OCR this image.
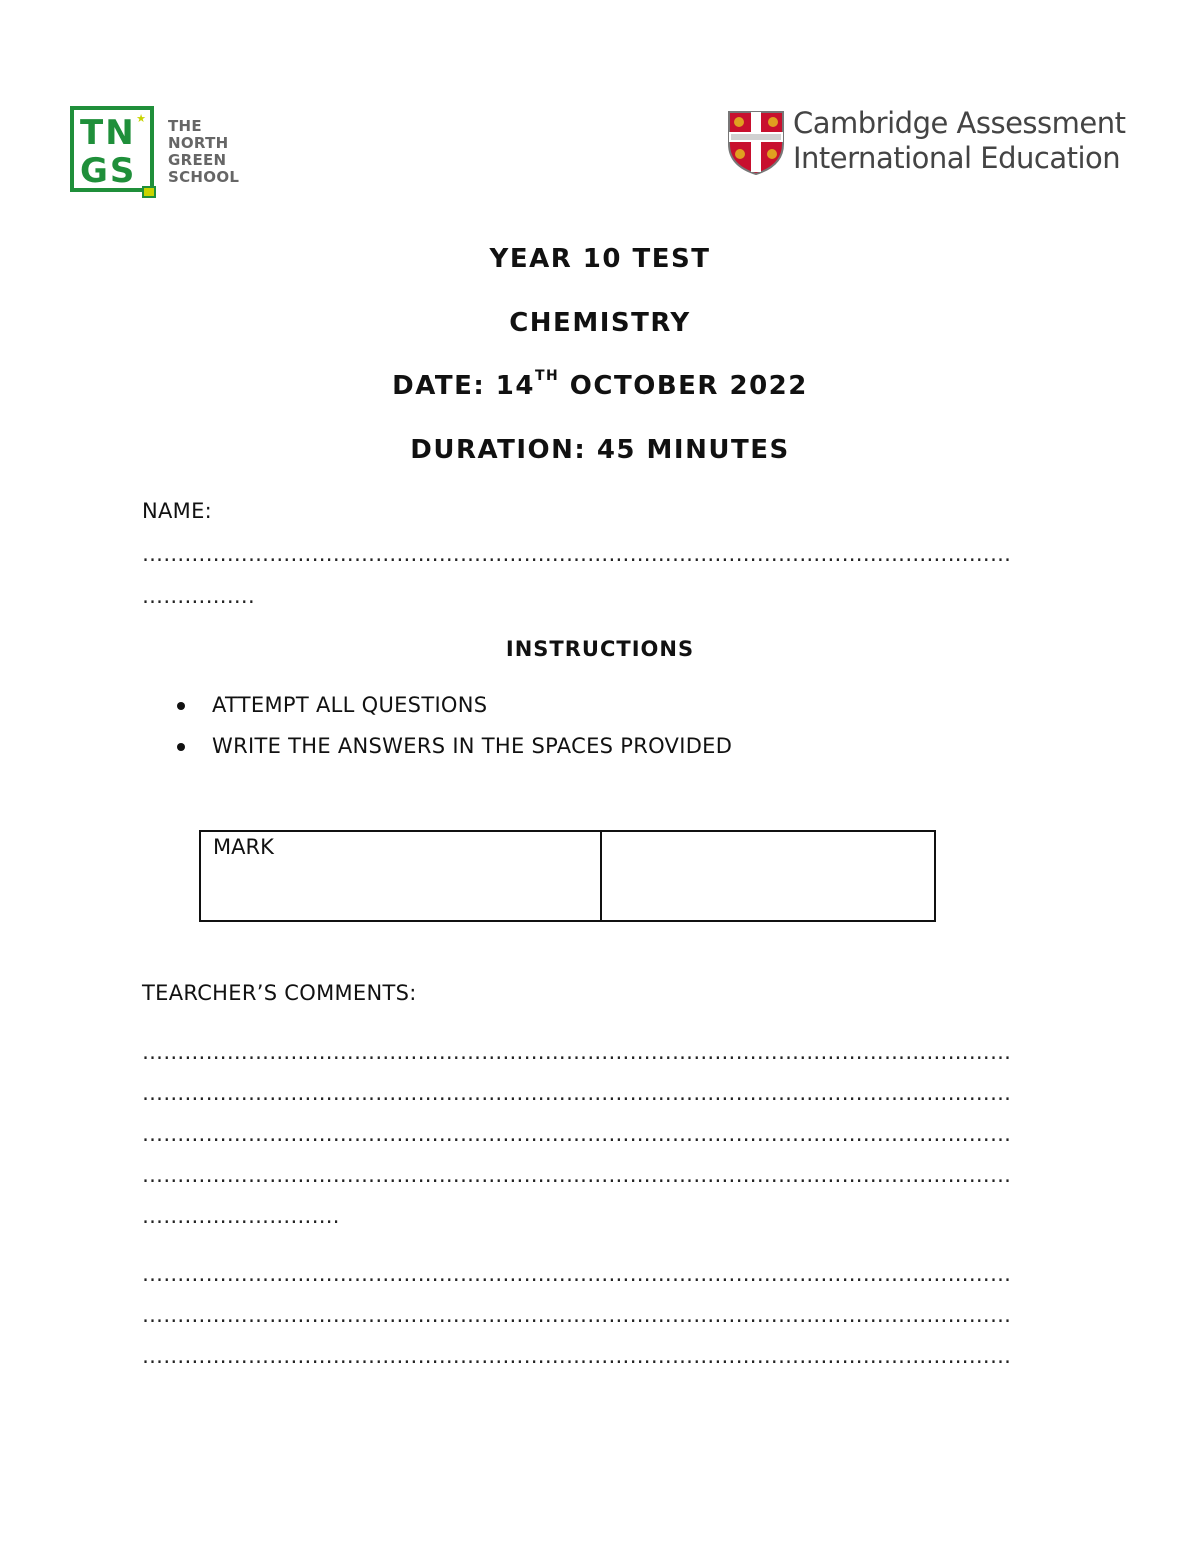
TN
GS
★ THE
NORTH
GREEN
SCHOOL
Cambridge Assessment
International Education
YEAR 10 TEST
CHEMISTRY
DATE: 14TH OCTOBER 2022
DURATION: 45 MINUTES
NAME:
……………………………………………………………………………………………………………
…………….
INSTRUCTIONS
ATTEMPT ALL QUESTIONS
WRITE THE ANSWERS IN THE SPACES PROVIDED
MARK	
TEARCHER’S COMMENTS:
……………………………………………………………………………………………………………
……………………………………………………………………………………………………………
……………………………………………………………………………………………………………
……………………………………………………………………………………………………………
……………………….
……………………………………………………………………………………………………………
……………………………………………………………………………………………………………
……………………………………………………………………………………………………………
